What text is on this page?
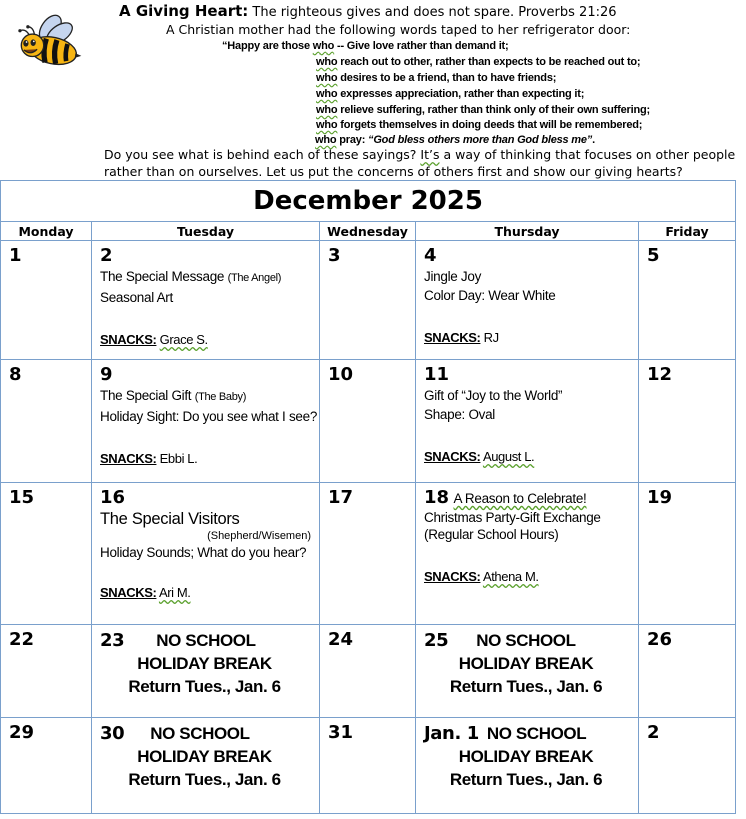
A Giving Heart: The righteous gives and does not spare. Proverbs 21:26
A Christian mother had the following words taped to her refrigerator door:
“Happy are those who -- Give love rather than demand it;
who reach out to other, rather than expects to be reached out to;
who desires to be a friend, than to have friends;
who expresses appreciation, rather than expecting it;
who relieve suffering, rather than think only of their own suffering;
who forgets themselves in doing deeds that will be remembered;
who pray: “God bless others more than God bless me”.
Do you see what is behind each of these sayings? It’s a way of thinking that focuses on other people
rather than on ourselves. Let us put the concerns of others first and show our giving hearts?
December 2025				
Monday	Tuesday	Wednesday	Thursday	Friday
1	2
The Special Message (The Angel)
Seasonal Art
SNACKS: Grace S.
	3	4
Jingle Joy
Color Day: Wear White
SNACKS: RJ
	5
8	9
The Special Gift (The Baby)
Holiday Sight: Do you see what I see?
SNACKS: Ebbi L.
	10	11
Gift of “Joy to the World”
Shape: Oval
SNACKS: August L.
	12
15	16
The Special Visitors
(Shepherd/Wisemen)
Holiday Sounds; What do you hear?
SNACKS: Ari M.
	17	18 A Reason to Celebrate!
Christmas Party-Gift Exchange
(Regular School Hours)
SNACKS: Athena M.
	19
22	23 NO SCHOOL
HOLIDAY BREAK
Return Tues., Jan. 6
	24	25 NO SCHOOL
HOLIDAY BREAK
Return Tues., Jan. 6
	26
29	30 NO SCHOOL
HOLIDAY BREAK
Return Tues., Jan. 6
	31	Jan. 1 NO SCHOOL
HOLIDAY BREAK
Return Tues., Jan. 6
	2
